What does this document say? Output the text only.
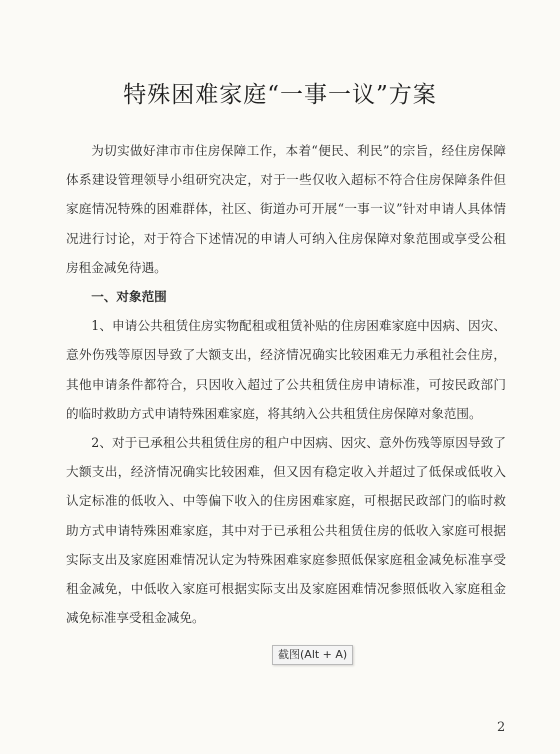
特殊困难家庭“一事一议”方案

为切实做好津市市住房保障工作，本着“便民、利民”的宗旨，经住房保障体系建设管理领导小组研究决定，对于一些仅收入超标不符合住房保障条件但家庭情况特殊的困难群体，社区、街道办可开展“一事一议”针对申请人具体情况进行讨论，对于符合下述情况的申请人可纳入住房保障对象范围或享受公租房租金减免待遇。

一、对象范围

1、申请公共租赁住房实物配租或租赁补贴的住房困难家庭中因病、因灾、意外伤残等原因导致了大额支出，经济情况确实比较困难无力承租社会住房，其他申请条件都符合，只因收入超过了公共租赁住房申请标准，可按民政部门的临时救助方式申请特殊困难家庭，将其纳入公共租赁住房保障对象范围。

2、对于已承租公共租赁住房的租户中因病、因灾、意外伤残等原因导致了大额支出，经济情况确实比较困难，但又因有稳定收入并超过了低保或低收入认定标准的低收入、中等偏下收入的住房困难家庭，可根据民政部门的临时救助方式申请特殊困难家庭，其中对于已承租公共租赁住房的低收入家庭可根据实际支出及家庭困难情况认定为特殊困难家庭参照低保家庭租金减免标准享受租金减免，中低收入家庭可根据实际支出及家庭困难情况参照低收入家庭租金减免标准享受租金减免。

2
截图(Alt + A)
